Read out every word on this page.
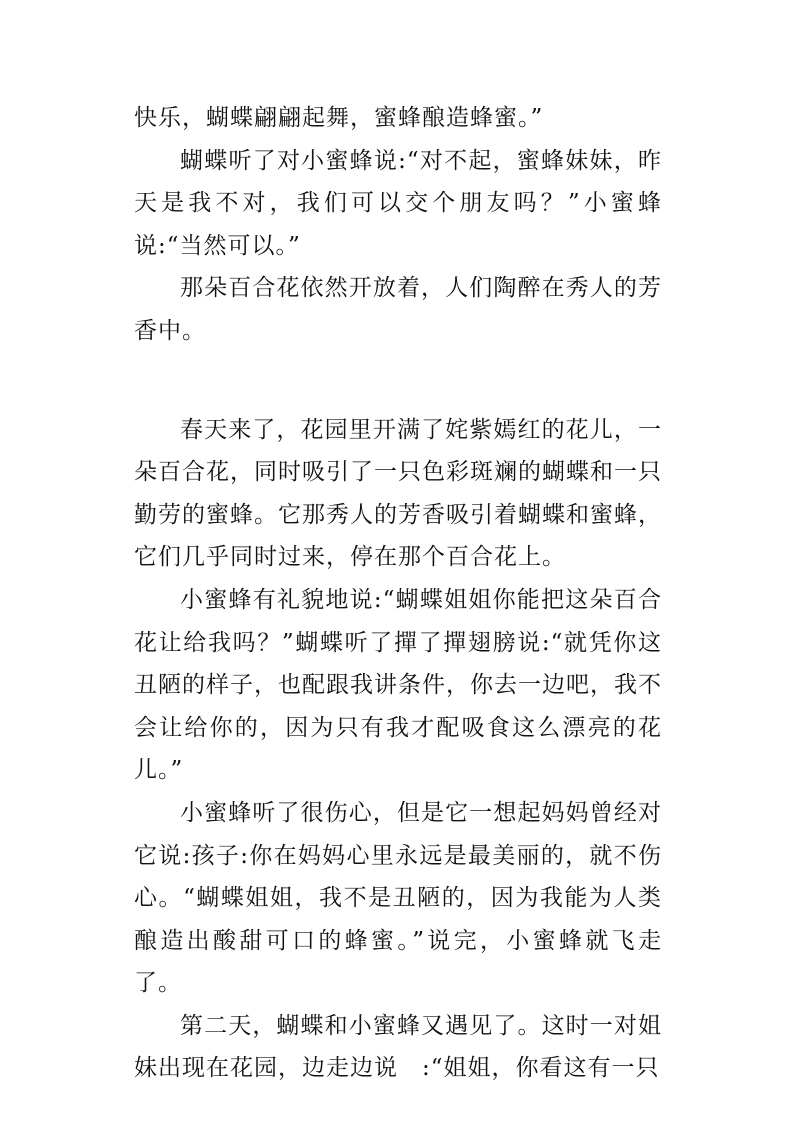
快乐，蝴蝶翩翩起舞，蜜蜂酿造蜂蜜。”

蝴蝶听了对小蜜蜂说:“对不起，蜜蜂妹妹，昨天是我不对，我们可以交个朋友吗？”小蜜蜂说:“当然可以。”

那朵百合花依然开放着，人们陶醉在秀人的芳香中。

春天来了，花园里开满了姹紫嫣红的花儿，一朵百合花，同时吸引了一只色彩斑斓的蝴蝶和一只勤劳的蜜蜂。它那秀人的芳香吸引着蝴蝶和蜜蜂，它们几乎同时过来，停在那个百合花上。

小蜜蜂有礼貌地说:“蝴蝶姐姐你能把这朵百合花让给我吗？”蝴蝶听了撣了撣翅膀说:“就凭你这丑陋的样子，也配跟我讲条件，你去一边吧，我不会让给你的，因为只有我才配吸食这么漂亮的花儿。”

小蜜蜂听了很伤心，但是它一想起妈妈曾经对它说:孩子:你在妈妈心里永远是最美丽的，就不伤心。“蝴蝶姐姐，我不是丑陋的，因为我能为人类酿造出酸甜可口的蜂蜜。”说完，小蜜蜂就飞走了。

第二天，蝴蝶和小蜜蜂又遇见了。这时一对姐妹出现在花园，边走边说　:“姐姐，你看这有一只
